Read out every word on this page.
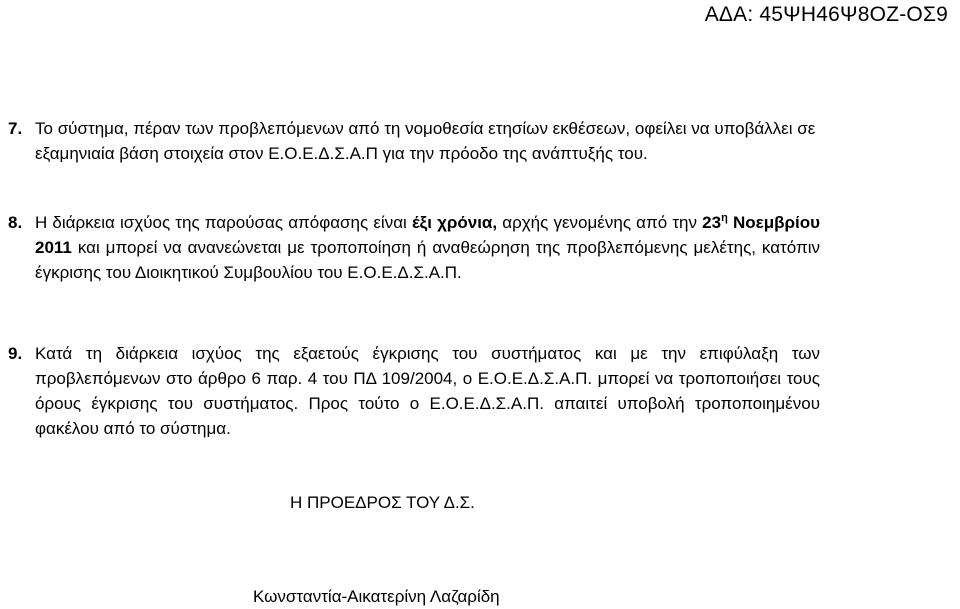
ΑΔΑ: 45ΨΗ46Ψ8ΟΖ-ΟΣ9
7. Το σύστημα, πέραν των προβλεπόμενων από τη νομοθεσία ετησίων εκθέσεων, οφείλει να υποβάλλει σε εξαμηνιαία βάση στοιχεία στον Ε.Ο.Ε.Δ.Σ.Α.Π για την πρόοδο της ανάπτυξής του.

8. Η διάρκεια ισχύος της παρούσας απόφασης είναι έξι χρόνια, αρχής γενομένης από την $23^\eta$ Νοεμβρίου 2011 και μπορεί να ανανεώνεται με τροποποίηση ή αναθεώρηση της προβλεπόμενης μελέτης, κατόπιν έγκρισης του Διοικητικού Συμβουλίου του Ε.Ο.Ε.Δ.Σ.Α.Π.

9. Κατά τη διάρκεια ισχύος της εξαετούς έγκρισης του συστήματος και με την επιφύλαξη των προβλεπόμενων στο άρθρο 6 παρ. 4 του ΠΔ 109/2004, ο Ε.Ο.Ε.Δ.Σ.Α.Π. μπορεί να τροποποιήσει τους όρους έγκρισης του συστήματος. Προς τούτο ο Ε.Ο.Ε.Δ.Σ.Α.Π. απαιτεί υποβολή τροποποιημένου φακέλου από το σύστημα.

Η ΠΡΟΕΔΡΟΣ ΤΟΥ Δ.Σ.
Κωνσταντία-Αικατερίνη Λαζαρίδη
